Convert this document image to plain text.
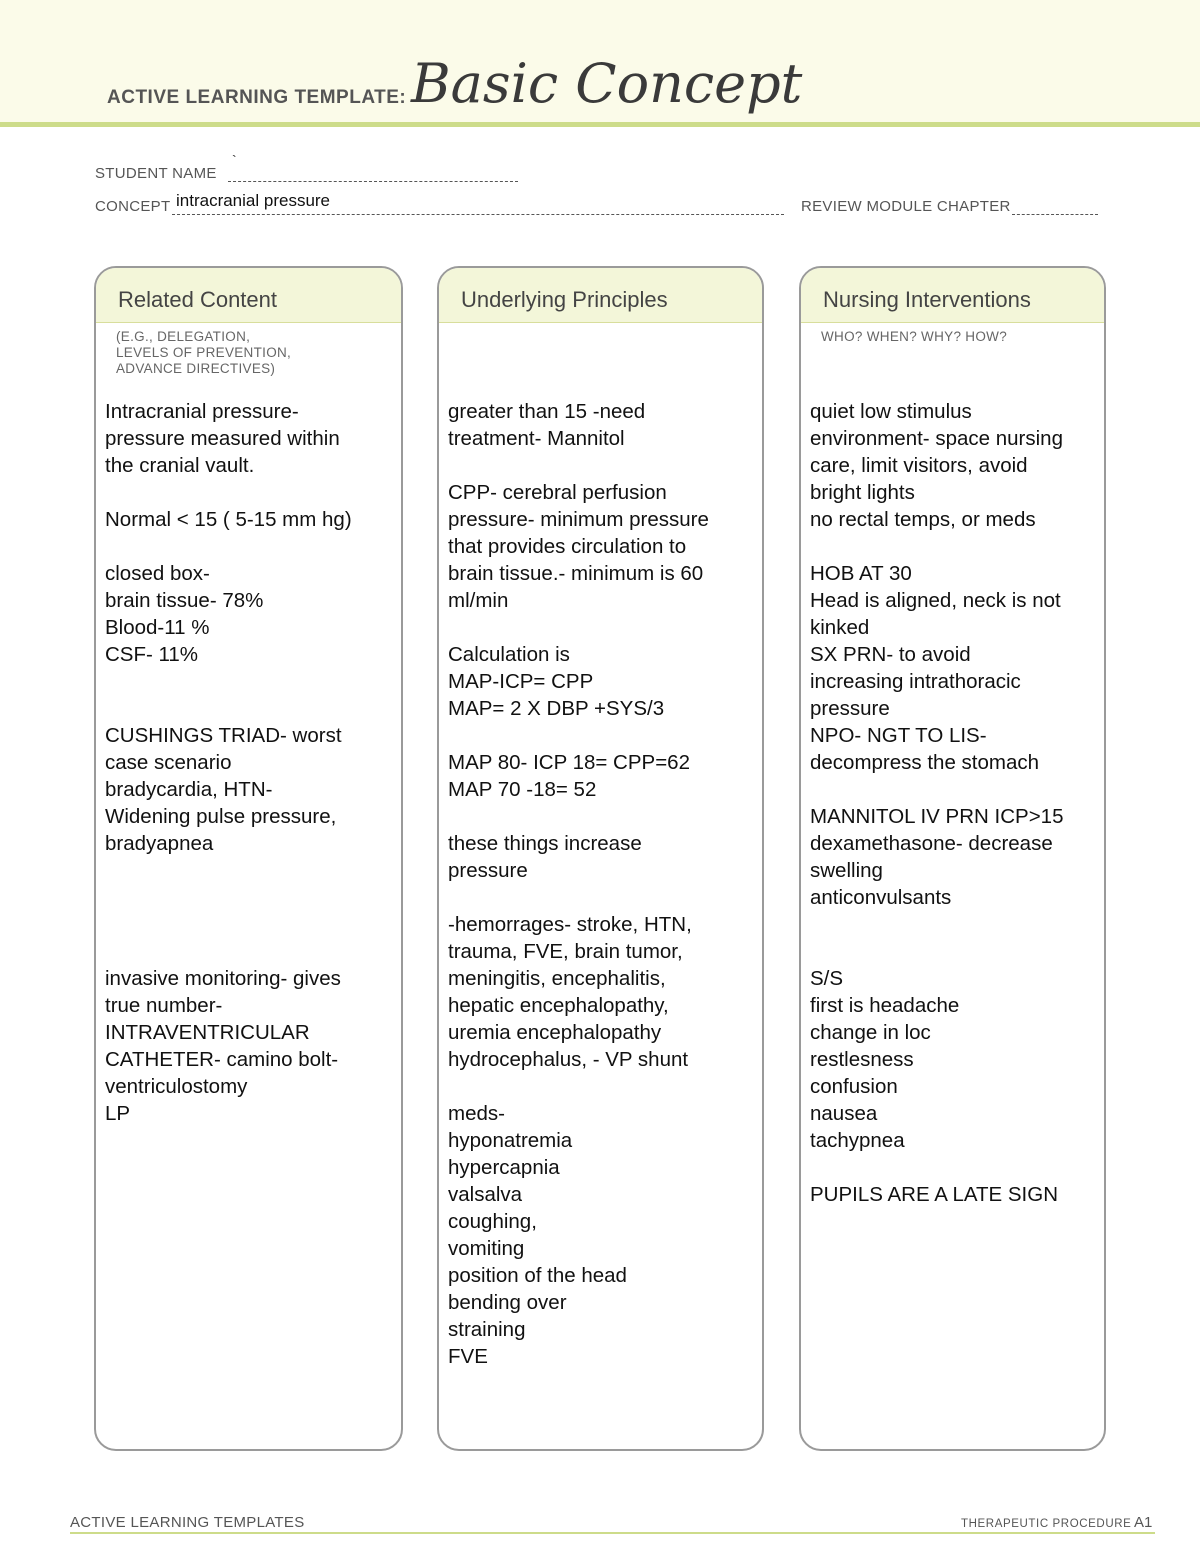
ACTIVE LEARNING TEMPLATE: Basic Concept
STUDENT NAME
`
CONCEPT intracranial pressure	REVIEW MODULE CHAPTER
Related Content
(E.G., DELEGATION,
LEVELS OF PREVENTION,
ADVANCE DIRECTIVES)
Intracranial pressure-
pressure measured within
the cranial vault.

Normal < 15 ( 5-15 mm hg)

closed box-
brain tissue- 78%
Blood-11 %
CSF- 11%

CUSHINGS TRIAD- worst
case scenario
bradycardia, HTN-
Widening pulse pressure,
bradyapnea

invasive monitoring- gives
true number-
INTRAVENTRICULAR
CATHETER- camino bolt-
ventriculostomy
LP
Underlying Principles
greater than 15 -need
treatment- Mannitol

CPP- cerebral perfusion
pressure- minimum pressure
that provides circulation to
brain tissue.- minimum is 60
ml/min

Calculation is
MAP-ICP= CPP
MAP= 2 X DBP +SYS/3

MAP 80- ICP 18= CPP=62
MAP 70 -18= 52

these things increase
pressure

-hemorrages- stroke, HTN,
trauma, FVE, brain tumor,
meningitis, encephalitis,
hepatic encephalopathy,
uremia encephalopathy
hydrocephalus, - VP shunt

meds-
hyponatremia
hypercapnia
valsalva
coughing,
vomiting
position of the head
bending over
straining
FVE
Nursing Interventions
WHO? WHEN? WHY? HOW?
quiet low stimulus
environment- space nursing
care, limit visitors, avoid
bright lights
no rectal temps, or meds

HOB AT 30
Head is aligned, neck is not
kinked
SX PRN- to avoid
increasing intrathoracic
pressure
NPO- NGT TO LIS-
decompress the stomach

MANNITOL IV PRN ICP>15
dexamethasone- decrease
swelling
anticonvulsants

S/S
first is headache
change in loc
restlesness
confusion
nausea
tachypnea

PUPILS ARE A LATE SIGN
ACTIVE LEARNING TEMPLATES	THERAPEUTIC PROCEDURE A1
